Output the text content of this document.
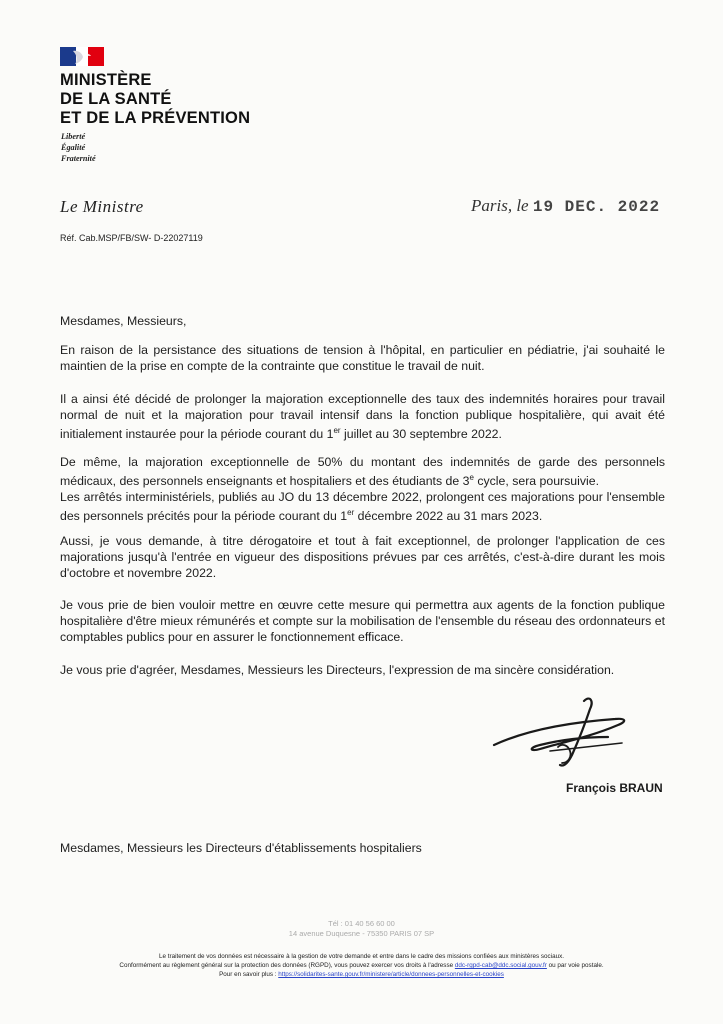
MINISTÈRE
DE LA SANTÉ
ET DE LA PRÉVENTION
Liberté
Égalité
Fraternité
Le Ministre	Paris, le 19 DEC. 2022
Réf. Cab.MSP/FB/SW- D-22027119
Mesdames, Messieurs,

En raison de la persistance des situations de tension à l'hôpital, en particulier en pédiatrie, j'ai souhaité le maintien de la prise en compte de la contrainte que constitue le travail de nuit.

Il a ainsi été décidé de prolonger la majoration exceptionnelle des taux des indemnités horaires pour travail normal de nuit et la majoration pour travail intensif dans la fonction publique hospitalière, qui avait été initialement instaurée pour la période courant du 1er juillet au 30 septembre 2022.

De même, la majoration exceptionnelle de 50% du montant des indemnités de garde des personnels médicaux, des personnels enseignants et hospitaliers et des étudiants de 3e cycle, sera poursuivie.

Les arrêtés interministériels, publiés au JO du 13 décembre 2022, prolongent ces majorations pour l'ensemble des personnels précités pour la période courant du 1er décembre 2022 au 31 mars 2023.

Aussi, je vous demande, à titre dérogatoire et tout à fait exceptionnel, de prolonger l'application de ces majorations jusqu'à l'entrée en vigueur des dispositions prévues par ces arrêtés, c'est-à-dire durant les mois d'octobre et novembre 2022.

Je vous prie de bien vouloir mettre en œuvre cette mesure qui permettra aux agents de la fonction publique hospitalière d'être mieux rémunérés et compte sur la mobilisation de l'ensemble du réseau des ordonnateurs et comptables publics pour en assurer le fonctionnement efficace.

Je vous prie d'agréer, Mesdames, Messieurs les Directeurs, l'expression de ma sincère considération.
François BRAUN
Mesdames, Messieurs les Directeurs d'établissements hospitaliers
Tél : 01 40 56 60 00
14 avenue Duquesne - 75350 PARIS 07 SP
Le traitement de vos données est nécessaire à la gestion de votre demande et entre dans le cadre des missions confiées aux ministères sociaux.
Conformément au règlement général sur la protection des données (RGPD), vous pouvez exercer vos droits à l'adresse ddc-rgpd-cab@ddc.social.gouv.fr ou par voie postale.
Pour en savoir plus : https://solidarites-sante.gouv.fr/ministere/article/donnees-personnelles-et-cookies
